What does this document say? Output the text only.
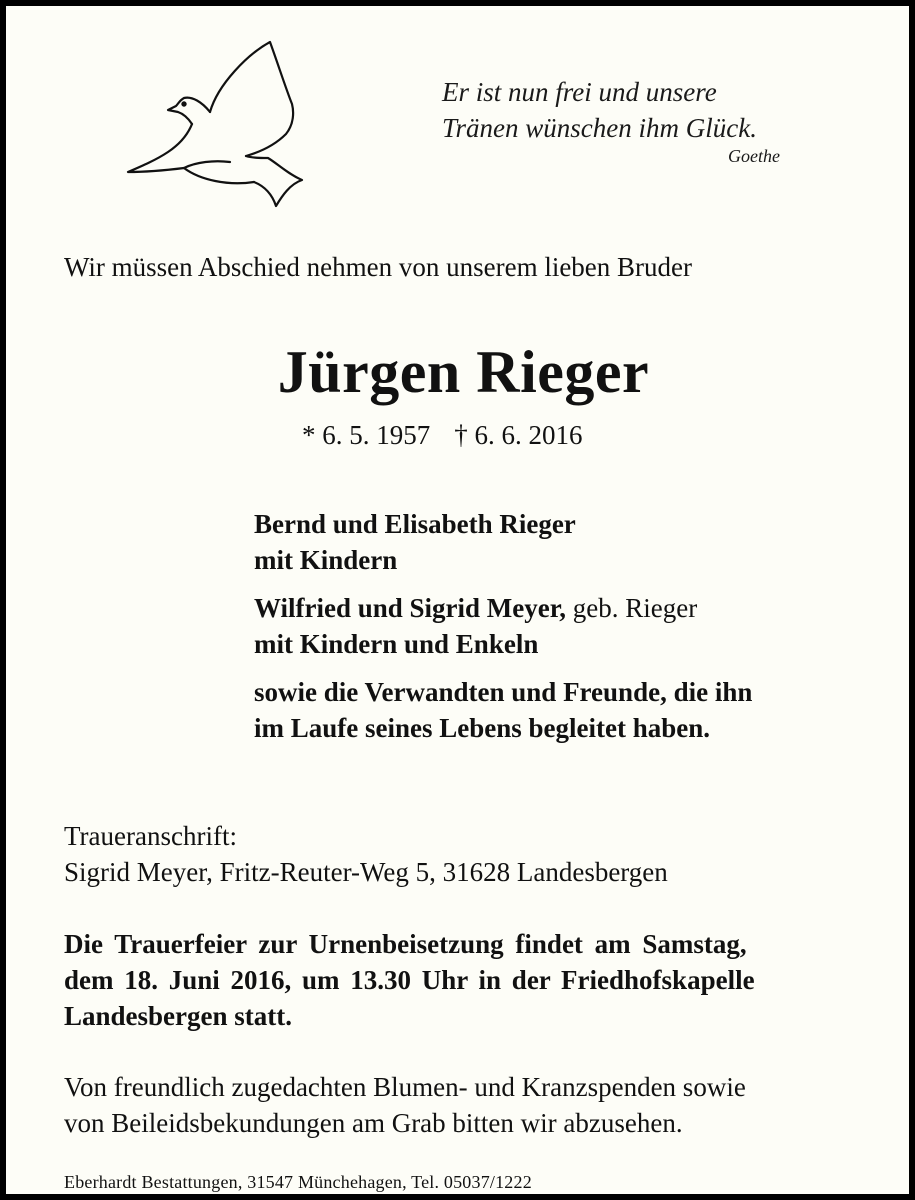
Er ist nun frei und unsere
Tränen wünschen ihm Glück.
Goethe
Wir müssen Abschied nehmen von unserem lieben Bruder
Jürgen Rieger
* 6. 5. 1957 † 6. 6. 2016
Bernd und Elisabeth Rieger
mit Kindern
Wilfried und Sigrid Meyer, geb. Rieger
mit Kindern und Enkeln
sowie die Verwandten und Freunde, die ihn
im Laufe seines Lebens begleitet haben.
Traueranschrift:
Sigrid Meyer, Fritz-Reuter-Weg 5, 31628 Landesbergen
Die Trauerfeier zur Urnenbeisetzung findet am Samstag,
dem 18. Juni 2016, um 13.30 Uhr in der Friedhofskapelle
Landesbergen statt.
Von freundlich zugedachten Blumen- und Kranzspenden sowie
von Beileidsbekundungen am Grab bitten wir abzusehen.
Eberhardt Bestattungen, 31547 Münchehagen, Tel. 05037/1222
